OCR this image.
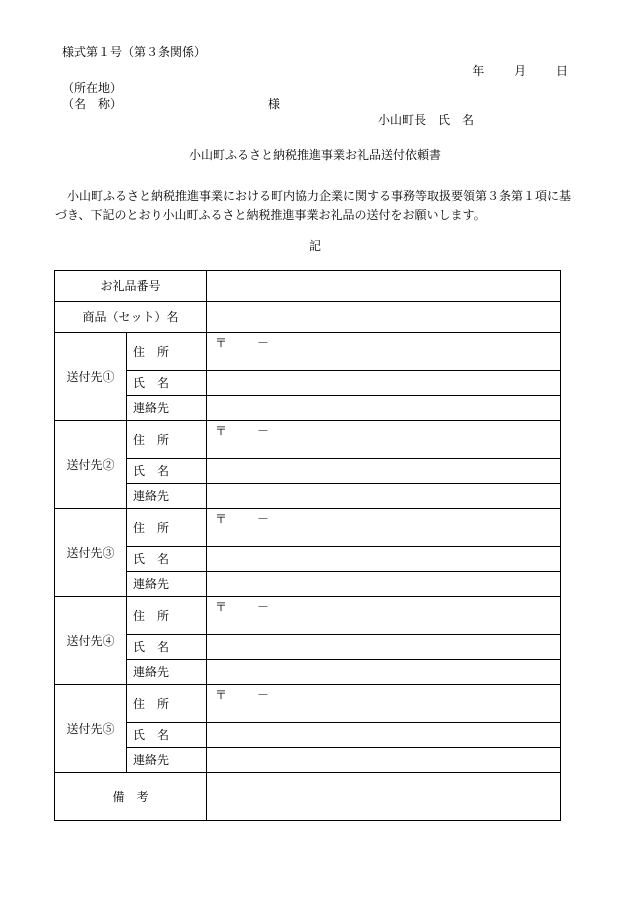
様式第１号（第３条関係）
年 月 日
（所在地）
（名　称）	様
小山町長　氏　名
小山町ふるさと納税推進事業お礼品送付依頼書
　小山町ふるさと納税推進事業における町内協力企業に関する事務等取扱要領第３条第１項に基づき、下記のとおり小山町ふるさと納税推進事業お礼品の送付をお願いします。
記
お礼品番号		
商品（セット）名		
送付先①	住　所	〒 －
	氏　名	
	連絡先	
送付先②	住　所	〒 －
	氏　名	
	連絡先	
送付先③	住　所	〒 －
	氏　名	
	連絡先	
送付先④	住　所	〒 －
	氏　名	
	連絡先	
送付先⑤	住　所	〒 －
	氏　名	
	連絡先	
備　考		
